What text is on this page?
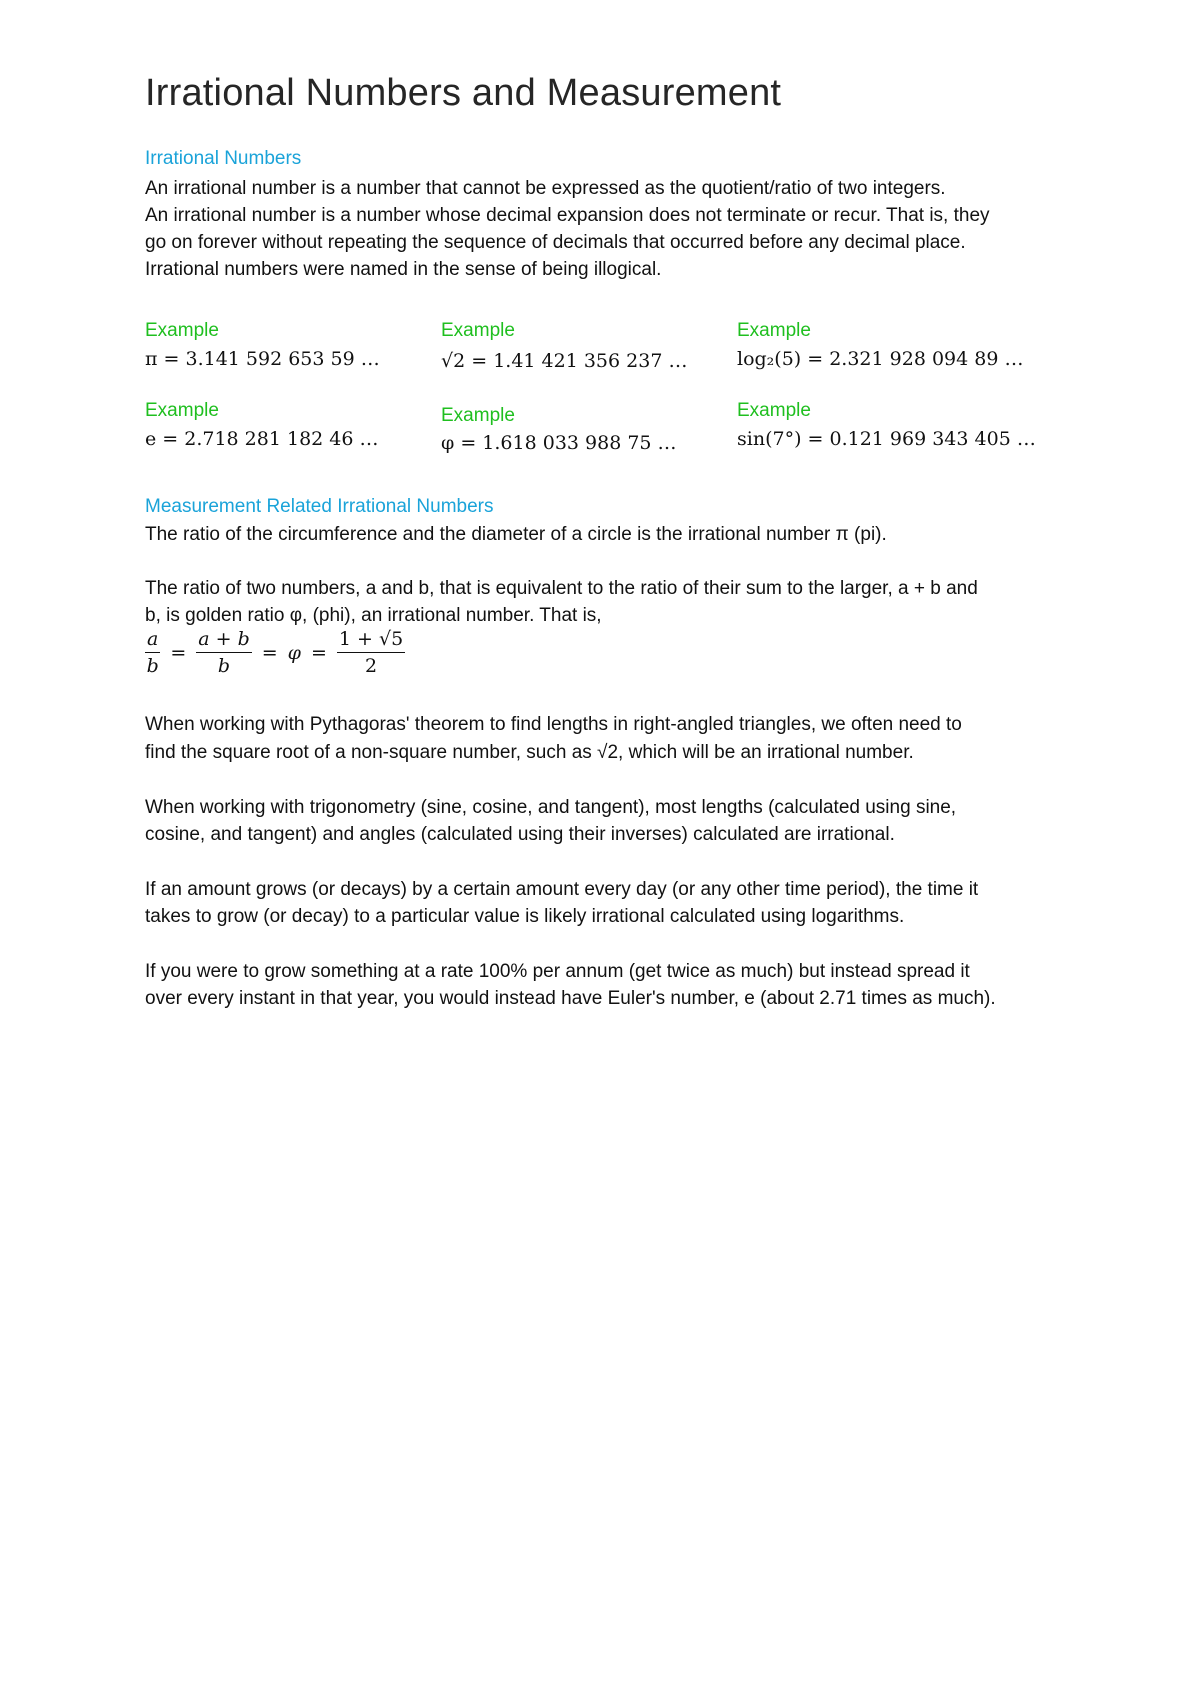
Irrational Numbers and Measurement
Irrational Numbers
An irrational number is a number that cannot be expressed as the quotient/ratio of two integers.
An irrational number is a number whose decimal expansion does not terminate or recur. That is, they
go on forever without repeating the sequence of decimals that occurred before any decimal place.
Irrational numbers were named in the sense of being illogical.
Example
π = 3.141 592 653 59 …
Example
√2 = 1.41 421 356 237 …
Example
log₂(5) = 2.321 928 094 89 …
Example
e = 2.718 281 182 46 …
Example
φ = 1.618 033 988 75 …
Example
sin(7°) = 0.121 969 343 405 …
Measurement Related Irrational Numbers
The ratio of the circumference and the diameter of a circle is the irrational number π (pi).
The ratio of two numbers, a and b, that is equivalent to the ratio of their sum to the larger, a + b and
b, is golden ratio φ, (phi), an irrational number. That is,
$\frac{a}{b} = \frac{a + b}{b} = \varphi = \frac{1 + √5}{2}$
When working with Pythagoras' theorem to find lengths in right-angled triangles, we often need to
find the square root of a non-square number, such as √2, which will be an irrational number.
When working with trigonometry (sine, cosine, and tangent), most lengths (calculated using sine,
cosine, and tangent) and angles (calculated using their inverses) calculated are irrational.
If an amount grows (or decays) by a certain amount every day (or any other time period), the time it
takes to grow (or decay) to a particular value is likely irrational calculated using logarithms.
If you were to grow something at a rate 100% per annum (get twice as much) but instead spread it
over every instant in that year, you would instead have Euler's number, e (about 2.71 times as much).
